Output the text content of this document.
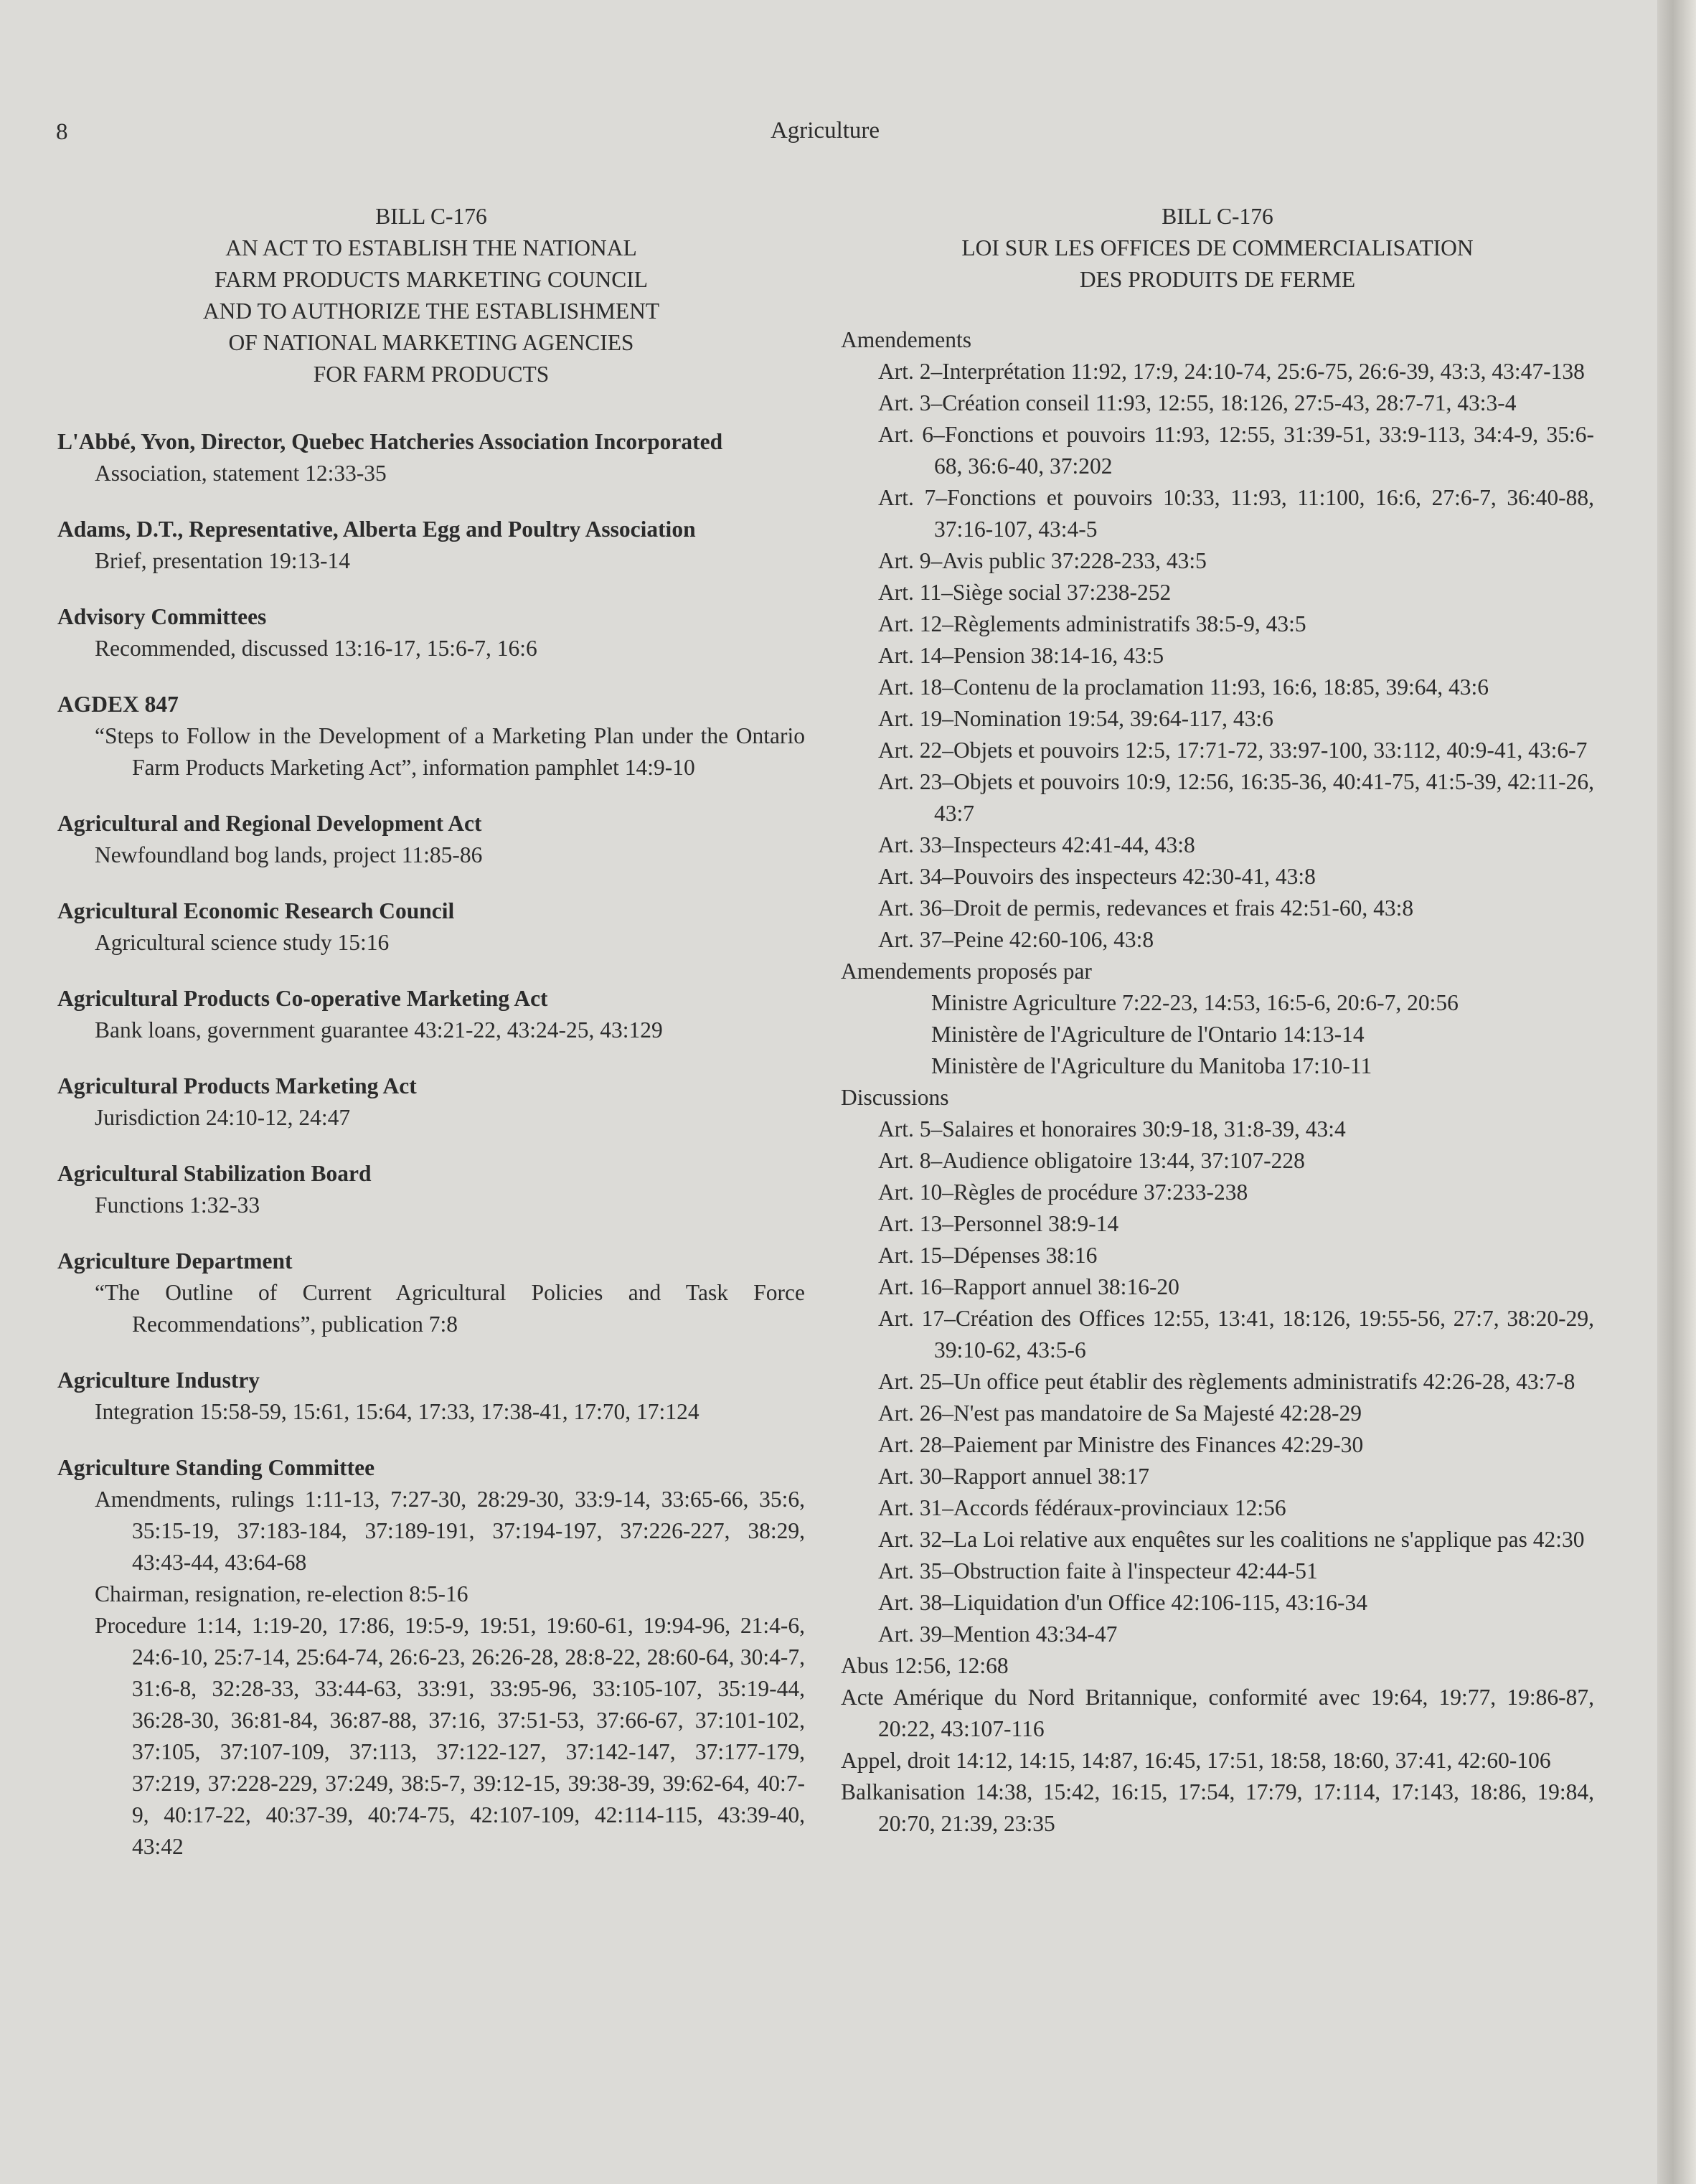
8	Agriculture
BILL C-176
AN ACT TO ESTABLISH THE NATIONAL
FARM PRODUCTS MARKETING COUNCIL
AND TO AUTHORIZE THE ESTABLISHMENT
OF NATIONAL MARKETING AGENCIES
FOR FARM PRODUCTS
L'Abbé, Yvon, Director, Quebec Hatcheries Association Incorporated
Association, statement 12:33-35
Adams, D.T., Representative, Alberta Egg and Poultry Association
Brief, presentation 19:13-14
Advisory Committees
Recommended, discussed 13:16-17, 15:6-7, 16:6
AGDEX 847
“Steps to Follow in the Development of a Marketing Plan under the Ontario Farm Products Marketing Act”, information pamphlet 14:9-10
Agricultural and Regional Development Act
Newfoundland bog lands, project 11:85-86
Agricultural Economic Research Council
Agricultural science study 15:16
Agricultural Products Co-operative Marketing Act
Bank loans, government guarantee 43:21-22, 43:24-25, 43:129
Agricultural Products Marketing Act
Jurisdiction 24:10-12, 24:47
Agricultural Stabilization Board
Functions 1:32-33
Agriculture Department
“The Outline of Current Agricultural Policies and Task Force Recommendations”, publication 7:8
Agriculture Industry
Integration 15:58-59, 15:61, 15:64, 17:33, 17:38-41, 17:70, 17:124
Agriculture Standing Committee
Amendments, rulings 1:11-13, 7:27-30, 28:29-30, 33:9-14, 33:65-66, 35:6, 35:15-19, 37:183-184, 37:189-191, 37:194-197, 37:226-227, 38:29, 43:43-44, 43:64-68
Chairman, resignation, re-election 8:5-16
Procedure 1:14, 1:19-20, 17:86, 19:5-9, 19:51, 19:60-61, 19:94-96, 21:4-6, 24:6-10, 25:7-14, 25:64-74, 26:6-23, 26:26-28, 28:8-22, 28:60-64, 30:4-7, 31:6-8, 32:28-33, 33:44-63, 33:91, 33:95-96, 33:105-107, 35:19-44, 36:28-30, 36:81-84, 36:87-88, 37:16, 37:51-53, 37:66-67, 37:101-102, 37:105, 37:107-109, 37:113, 37:122-127, 37:142-147, 37:177-179, 37:219, 37:228-229, 37:249, 38:5-7, 39:12-15, 39:38-39, 39:62-64, 40:7-9, 40:17-22, 40:37-39, 40:74-75, 42:107-109, 42:114-115, 43:39-40, 43:42
BILL C-176
LOI SUR LES OFFICES DE COMMERCIALISATION
DES PRODUITS DE FERME
Amendements
Art. 2–Interprétation 11:92, 17:9, 24:10-74, 25:6-75, 26:6-39, 43:3, 43:47-138
Art. 3–Création conseil 11:93, 12:55, 18:126, 27:5-43, 28:7-71, 43:3-4
Art. 6–Fonctions et pouvoirs 11:93, 12:55, 31:39-51, 33:9-113, 34:4-9, 35:6-68, 36:6-40, 37:202
Art. 7–Fonctions et pouvoirs 10:33, 11:93, 11:100, 16:6, 27:6-7, 36:40-88, 37:16-107, 43:4-5
Art. 9–Avis public 37:228-233, 43:5
Art. 11–Siège social 37:238-252
Art. 12–Règlements administratifs 38:5-9, 43:5
Art. 14–Pension 38:14-16, 43:5
Art. 18–Contenu de la proclamation 11:93, 16:6, 18:85, 39:64, 43:6
Art. 19–Nomination 19:54, 39:64-117, 43:6
Art. 22–Objets et pouvoirs 12:5, 17:71-72, 33:97-100, 33:112, 40:9-41, 43:6-7
Art. 23–Objets et pouvoirs 10:9, 12:56, 16:35-36, 40:41-75, 41:5-39, 42:11-26, 43:7
Art. 33–Inspecteurs 42:41-44, 43:8
Art. 34–Pouvoirs des inspecteurs 42:30-41, 43:8
Art. 36–Droit de permis, redevances et frais 42:51-60, 43:8
Art. 37–Peine 42:60-106, 43:8
Amendements proposés par
Ministre Agriculture 7:22-23, 14:53, 16:5-6, 20:6-7, 20:56
Ministère de l'Agriculture de l'Ontario 14:13-14
Ministère de l'Agriculture du Manitoba 17:10-11
Discussions
Art. 5–Salaires et honoraires 30:9-18, 31:8-39, 43:4
Art. 8–Audience obligatoire 13:44, 37:107-228
Art. 10–Règles de procédure 37:233-238
Art. 13–Personnel 38:9-14
Art. 15–Dépenses 38:16
Art. 16–Rapport annuel 38:16-20
Art. 17–Création des Offices 12:55, 13:41, 18:126, 19:55-56, 27:7, 38:20-29, 39:10-62, 43:5-6
Art. 25–Un office peut établir des règlements administratifs 42:26-28, 43:7-8
Art. 26–N'est pas mandatoire de Sa Majesté 42:28-29
Art. 28–Paiement par Ministre des Finances 42:29-30
Art. 30–Rapport annuel 38:17
Art. 31–Accords fédéraux-provinciaux 12:56
Art. 32–La Loi relative aux enquêtes sur les coalitions ne s'applique pas 42:30
Art. 35–Obstruction faite à l'inspecteur 42:44-51
Art. 38–Liquidation d'un Office 42:106-115, 43:16-34
Art. 39–Mention 43:34-47
Abus 12:56, 12:68
Acte Amérique du Nord Britannique, conformité avec 19:64, 19:77, 19:86-87, 20:22, 43:107-116
Appel, droit 14:12, 14:15, 14:87, 16:45, 17:51, 18:58, 18:60, 37:41, 42:60-106
Balkanisation 14:38, 15:42, 16:15, 17:54, 17:79, 17:114, 17:143, 18:86, 19:84, 20:70, 21:39, 23:35
